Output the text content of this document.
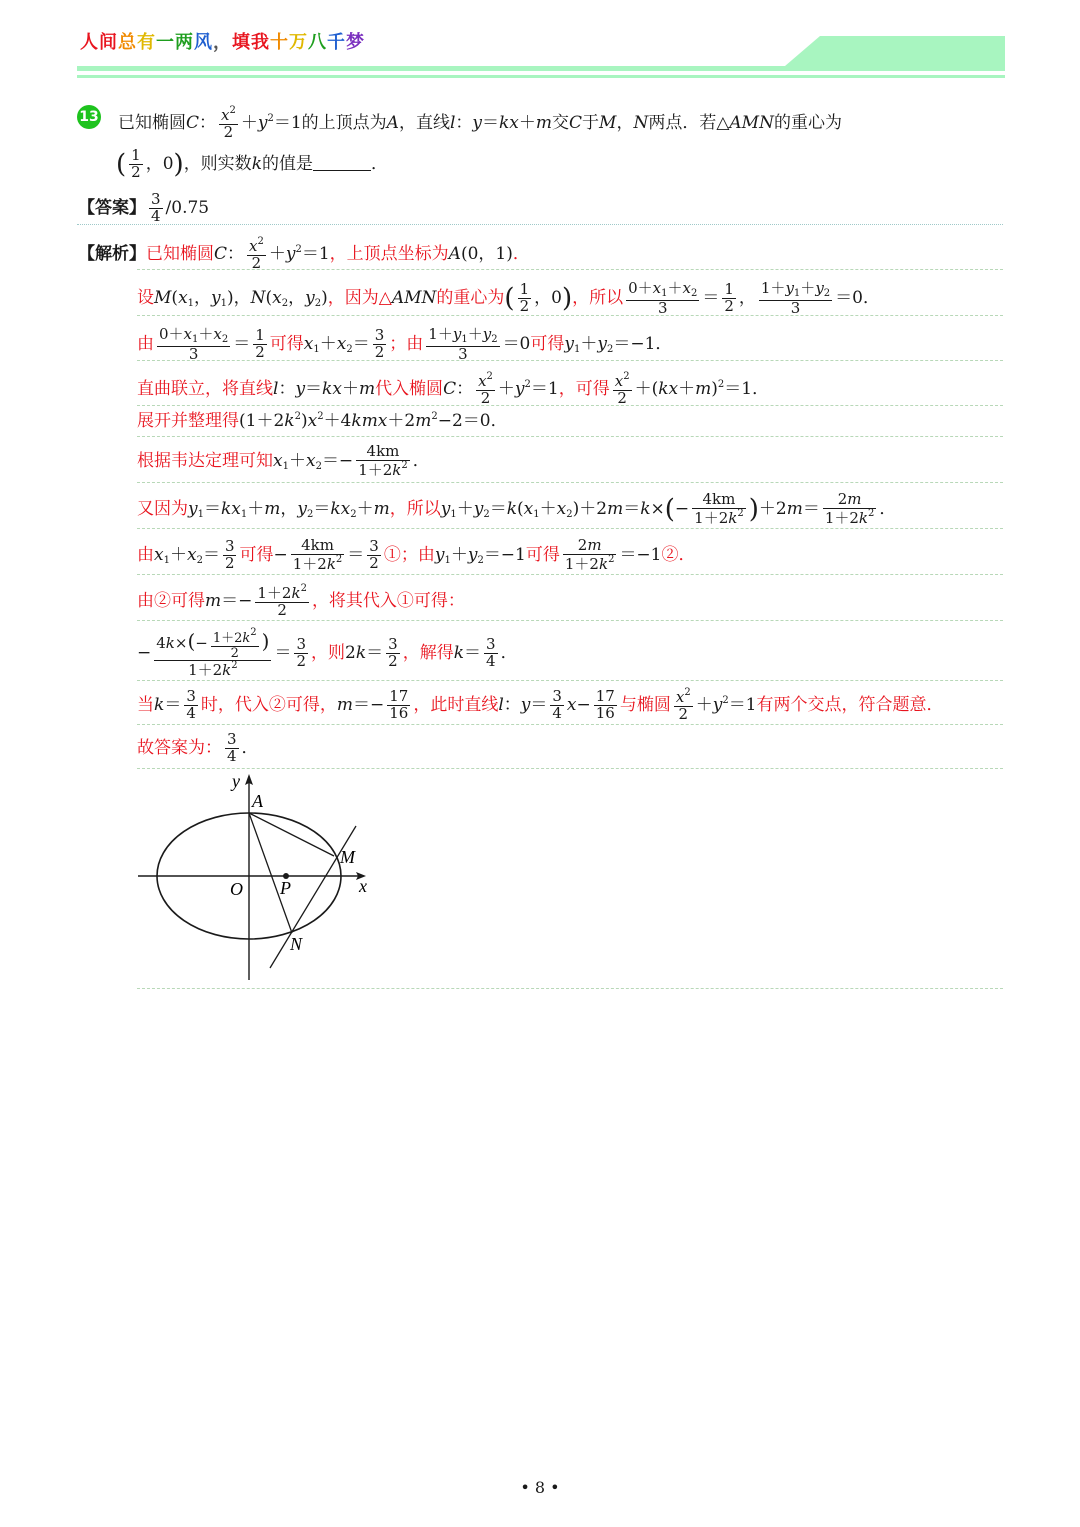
人间总有一两风，填我十万八千梦
13 已知椭圆C： $\frac{x^2}{2} +y^2=1$的上顶点为A，直线l：y＝kx＋m交C于M，N两点．若△AMN的重心为
( $\frac{1}{2}$ ，0)，则实数k的值是	．
【答案】 $\frac{3}{4} /0.75$
【解析】已知椭圆C： $\frac{x^2}{2} +y^2=1$，上顶点坐标为A(0，1)．
设$M(x_1$，$y_1$)，$N(x_2$，$y_2$)，因为△AMN的重心为( $\frac{1}{2}$ ，0)，所以 $\frac{0+x_1+x_2}{3} = \frac{1}{2}$ ， $\frac{1+y_1+y_2}{3} =0$．
由 $\frac{0+x_1+x_2}{3} = \frac{1}{2}$ 可得$x_1+x_2= \frac{3}{2}$ ；由 $\frac{1+y_1+y_2}{3} =0$可得$y_1+y_2=-1$．
直曲联立，将直线l：y＝kx＋m代入椭圆C： $\frac{x^2}{2} +y^2=1$，可得 $\frac{x^2}{2} +(kx+m)^2=1$．
展开并整理得$(1+2k^2)x^2+4kmx+2m^2-2=0$．
根据韦达定理可知$x_1+x_2=- \frac{4km}{1+2k^2}$ ．
又因为$y_1=kx_1+m$，$y_2=kx_2+m$，所以$y_1+y_2=k(x_1+x_2)+2m=k\times(- \frac{4km}{1+2k^2} )+2m= \frac{2m}{1+2k^2}$ ．
由$x_1+x_2= \frac{3}{2}$ 可得− $\frac{4km}{1+2k^2} = \frac{3}{2}$ ①；由$y_1+y_2=-1$可得 $\frac{2m}{1+2k^2}$ ＝−1②．
由②可得$m=- \frac{1+2k^2}{2}$ ，将其代入①可得：
− $\frac{4k\times(- \frac{1+2k^2}{2} )}{1+2k^2} = \frac{3}{2}$ ，则$2k= \frac{3}{2}$ ，解得$k= \frac{3}{4}$ ．
当$k= \frac{3}{4}$ 时，代入②可得，$m=- \frac{17}{16}$ ，此时直线l：$y= \frac{3}{4} x- \frac{17}{16}$ 与椭圆 $\frac{x^2}{2} +y^2=1$有两个交点，符合题意．
故答案为： $\frac{3}{4}$ ．
y
A
M
O P	x
N
• 8 •
